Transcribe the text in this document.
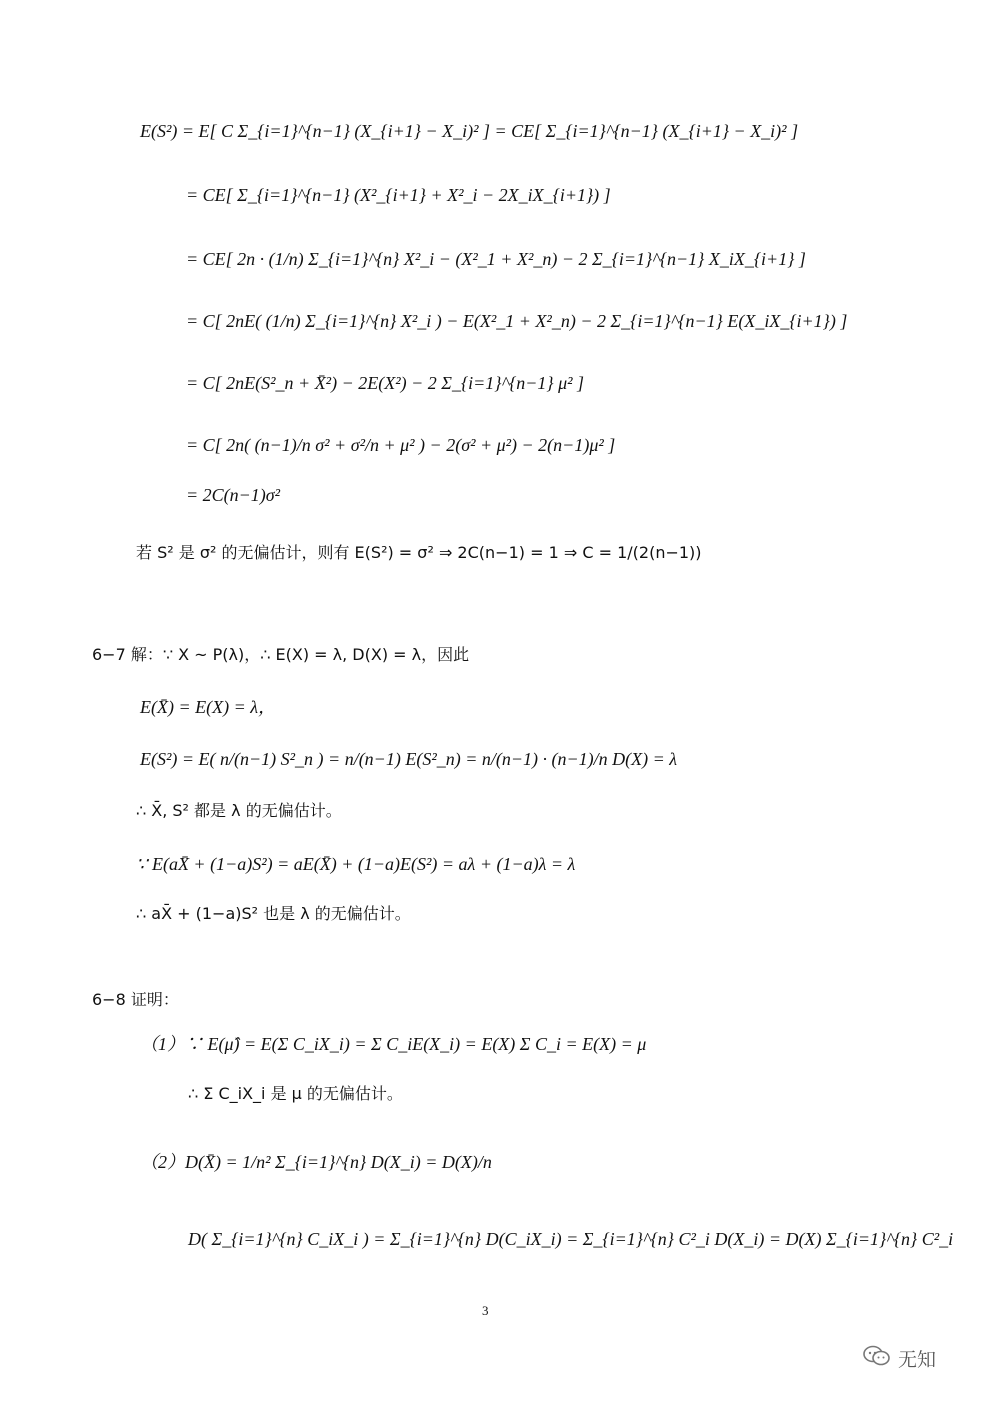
E(S²) = E[ C Σ_{i=1}^{n−1} (X_{i+1} − X_i)² ] = CE[ Σ_{i=1}^{n−1} (X_{i+1} − X_i)² ]
= CE[ Σ_{i=1}^{n−1} (X²_{i+1} + X²_i − 2X_iX_{i+1}) ]
= CE[ 2n · (1/n) Σ_{i=1}^{n} X²_i − (X²_1 + X²_n) − 2 Σ_{i=1}^{n−1} X_iX_{i+1} ]
= C[ 2nE( (1/n) Σ_{i=1}^{n} X²_i ) − E(X²_1 + X²_n) − 2 Σ_{i=1}^{n−1} E(X_iX_{i+1}) ]
= C[ 2nE(S²_n + X̄²) − 2E(X²) − 2 Σ_{i=1}^{n−1} μ² ]
= C[ 2n( (n−1)/n σ² + σ²/n + μ² ) − 2(σ² + μ²) − 2(n−1)μ² ]
= 2C(n−1)σ²
若 S² 是 σ² 的无偏估计，则有 E(S²) = σ² ⇒ 2C(n−1) = 1 ⇒ C = 1/(2(n−1))
6−7 解：∵ X ~ P(λ)，∴ E(X) = λ, D(X) = λ，因此
E(X̄) = E(X) = λ，
E(S²) = E( n/(n−1) S²_n ) = n/(n−1) E(S²_n) = n/(n−1) · (n−1)/n D(X) = λ
∴ X̄, S² 都是 λ 的无偏估计。
∵ E(aX̄ + (1−a)S²) = aE(X̄) + (1−a)E(S²) = aλ + (1−a)λ = λ
∴ aX̄ + (1−a)S² 也是 λ 的无偏估计。
6−8 证明：
（1）∵ E(μ̂) = E(Σ C_iX_i) = Σ C_iE(X_i) = E(X) Σ C_i = E(X) = μ
∴ Σ C_iX_i 是 μ 的无偏估计。
（2）D(X̄) = 1/n² Σ_{i=1}^{n} D(X_i) = D(X)/n
D( Σ_{i=1}^{n} C_iX_i ) = Σ_{i=1}^{n} D(C_iX_i) = Σ_{i=1}^{n} C²_i D(X_i) = D(X) Σ_{i=1}^{n} C²_i
3
无知
